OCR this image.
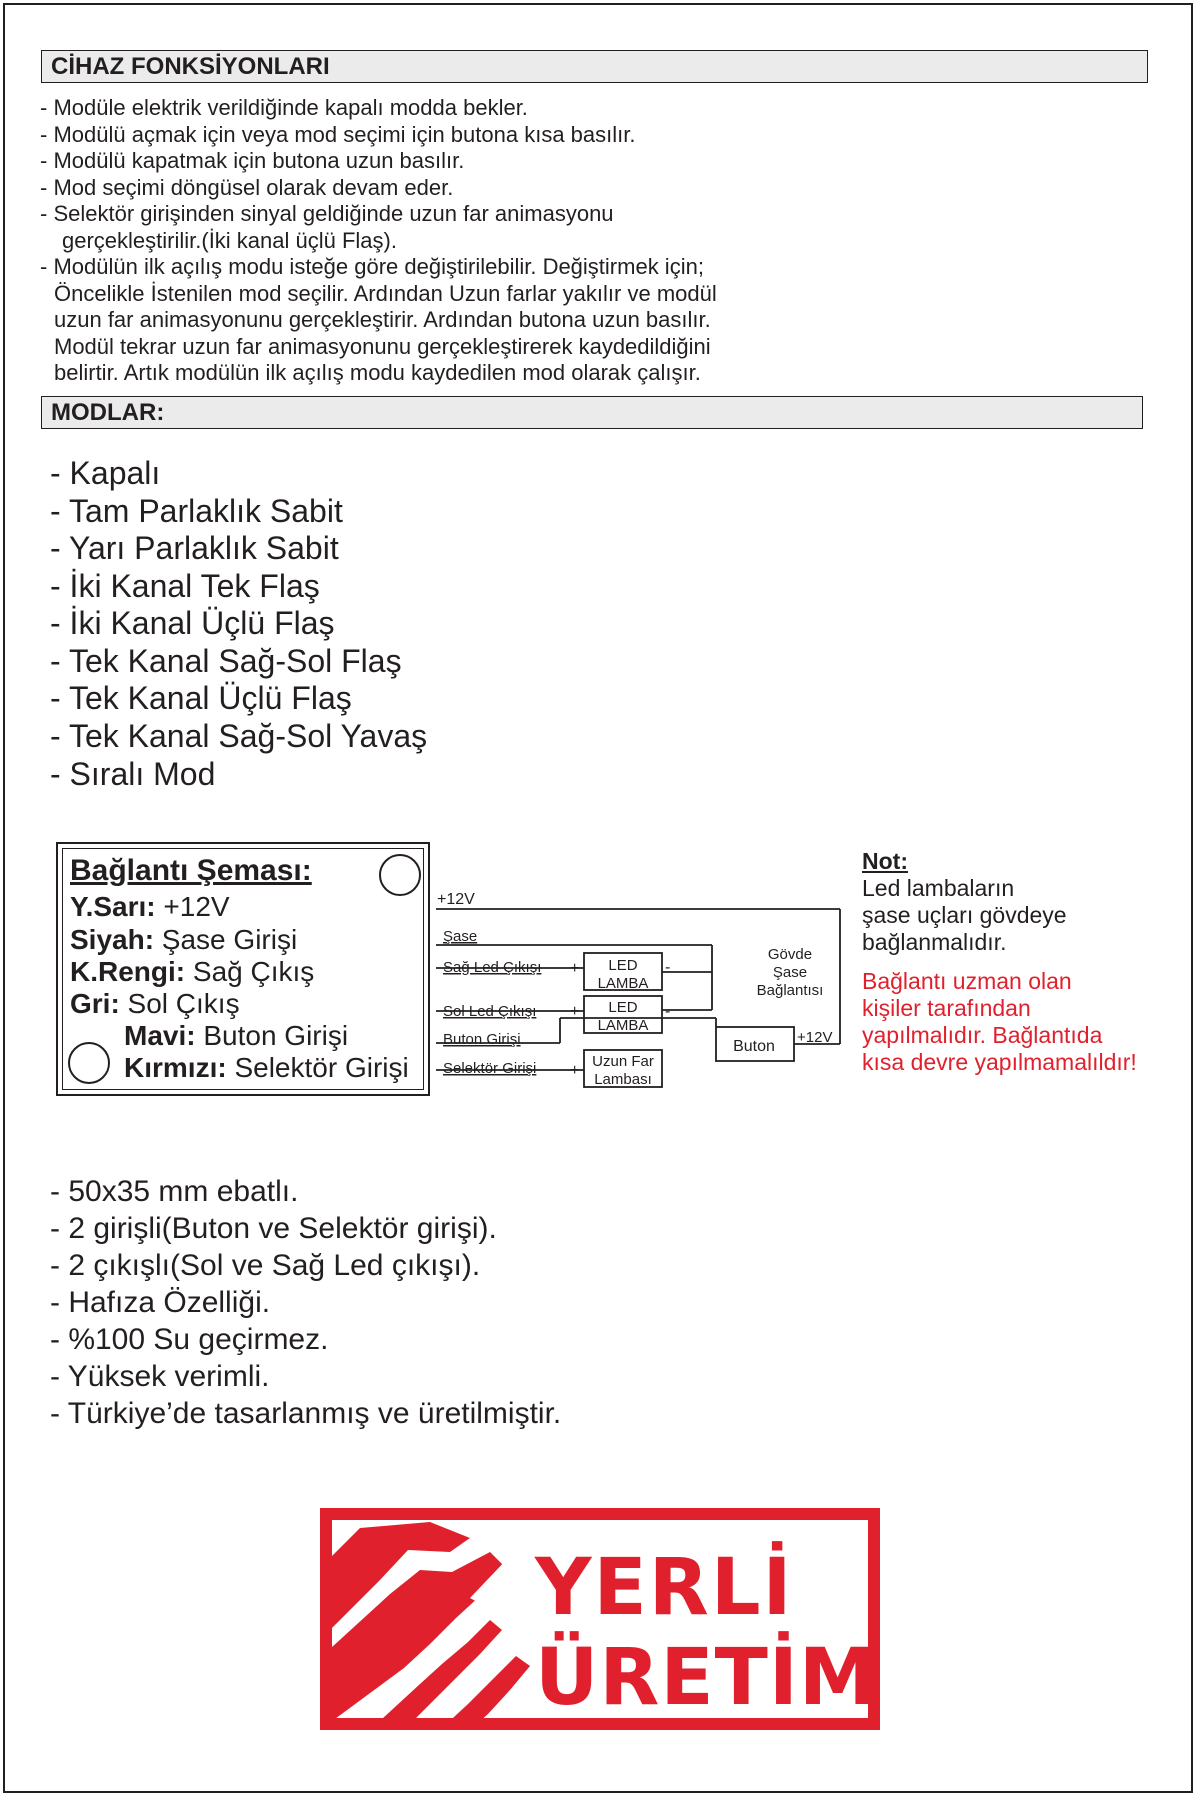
CİHAZ FONKSİYONLARI
- Modüle elektrik verildiğinde kapalı modda bekler.
- Modülü açmak için veya mod seçimi için butona kısa basılır.
- Modülü kapatmak için butona uzun basılır.
- Mod seçimi döngüsel olarak devam eder.
- Selektör girişinden sinyal geldiğinde uzun far animasyonu
gerçekleştirilir.(İki kanal üçlü Flaş).
- Modülün ilk açılış modu isteğe göre değiştirilebilir. Değiştirmek için;
Öncelikle İstenilen mod seçilir. Ardından Uzun farlar yakılır ve modül
uzun far animasyonunu gerçekleştirir. Ardından butona uzun basılır.
Modül tekrar uzun far animasyonunu gerçekleştirerek kaydedildiğini
belirtir. Artık modülün ilk açılış modu kaydedilen mod olarak çalışır.
MODLAR:
- Kapalı
- Tam Parlaklık Sabit
- Yarı Parlaklık Sabit
- İki Kanal Tek Flaş
- İki Kanal Üçlü Flaş
- Tek Kanal Sağ-Sol Flaş
- Tek Kanal Üçlü Flaş
- Tek Kanal Sağ-Sol Yavaş
- Sıralı Mod
Bağlantı Şeması:
Y.Sarı: +12V
Siyah: Şase Girişi
K.Rengi: Sağ Çıkış
Gri: Sol Çıkış
Mavi: Buton Girişi
Kırmızı: Selektör Girişi
+12V
Şase
Sağ Led Çıkışı
Sol Led Çıkışı
Buton Girişi
Selektör Girişi
+
+
+
-
-
LED
LAMBA
LED
LAMBA
Uzun Far
Lambası
Gövde
Şase
Bağlantısı
Buton
+12V
Not:
Led lambaların
şase uçları gövdeye
bağlanmalıdır.
Bağlantı uzman olan
kişiler tarafından
yapılmalıdır. Bağlantıda
kısa devre yapılmamalıldır!
- 50x35 mm ebatlı.
- 2 girişli(Buton ve Selektör girişi).
- 2 çıkışlı(Sol ve Sağ Led çıkışı).
- Hafıza Özelliği.
- %100 Su geçirmez.
- Yüksek verimli.
- Türkiye’de tasarlanmış ve üretilmiştir.
YERLİ
ÜRETİM
